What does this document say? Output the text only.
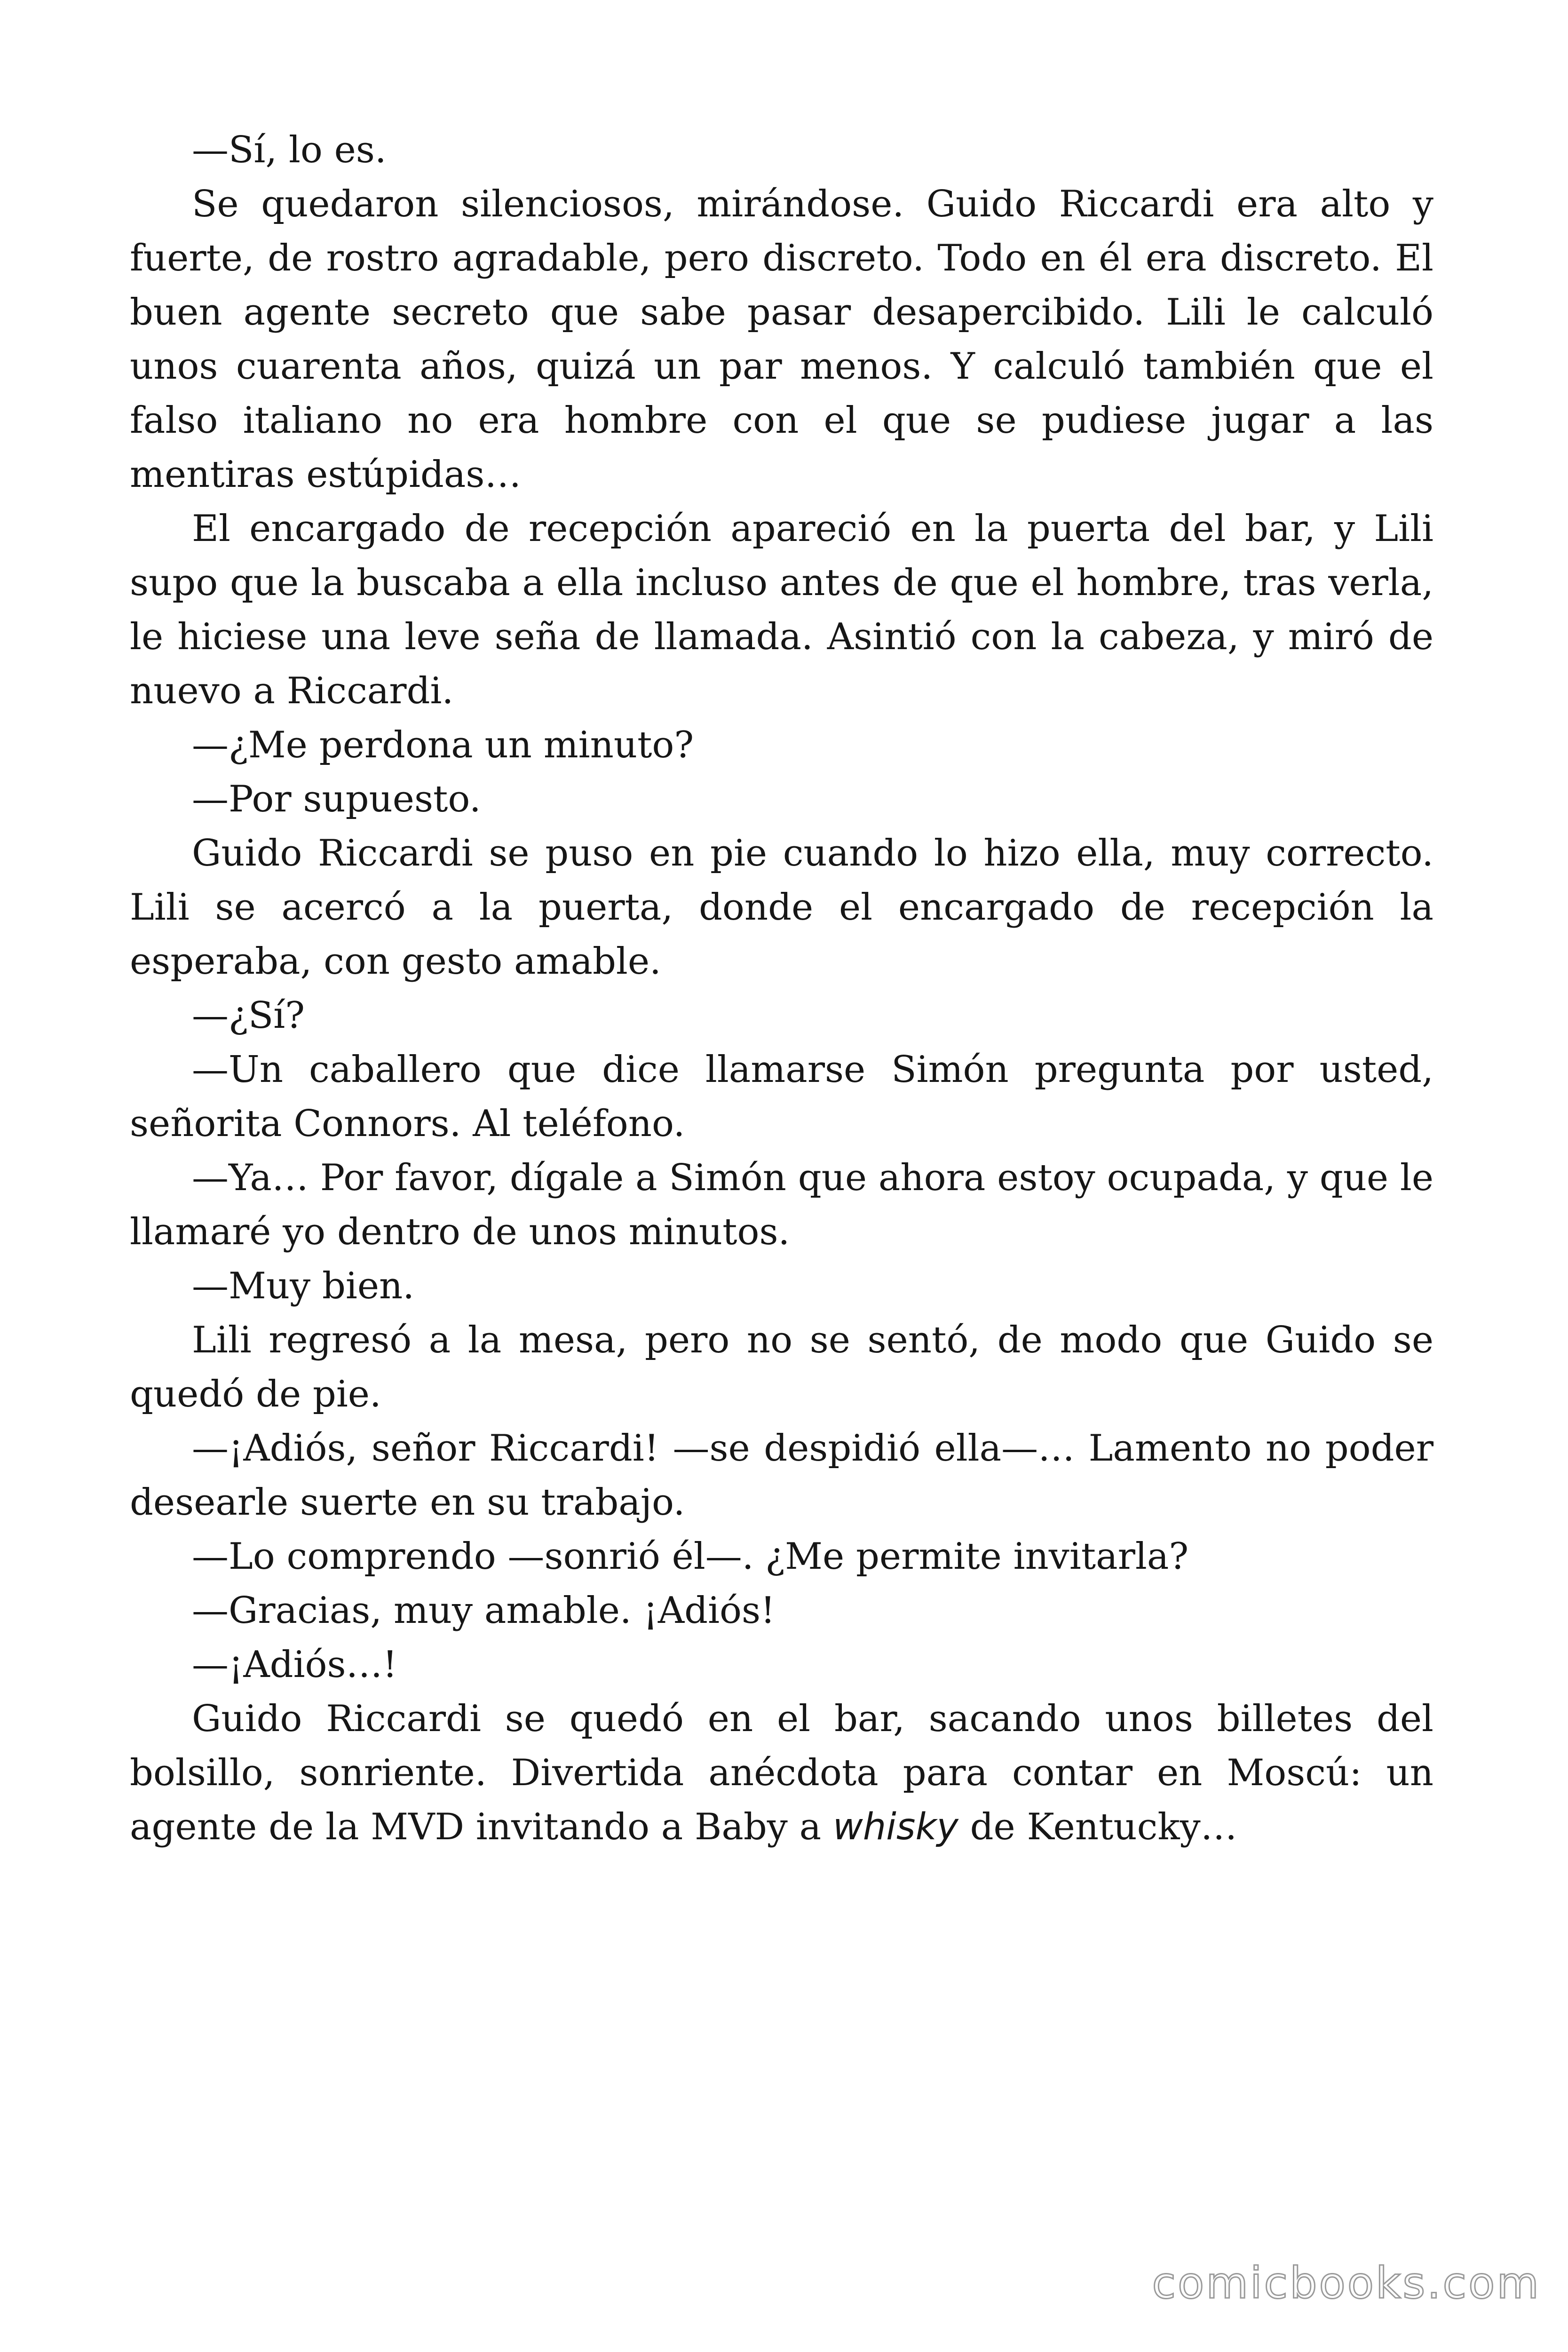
—Sí, lo es.

Se quedaron silenciosos, mirándose. Guido Riccardi era alto y fuerte, de rostro agradable, pero discreto. Todo en él era discreto. El buen agente secreto que sabe pasar desapercibido. Lili le calculó unos cuarenta años, quizá un par menos. Y calculó también que el falso italiano no era hombre con el que se pudiese jugar a las mentiras estúpidas…

El encargado de recepción apareció en la puerta del bar, y Lili supo que la buscaba a ella incluso antes de que el hombre, tras verla, le hiciese una leve seña de llamada. Asintió con la cabeza, y miró de nuevo a Riccardi.

—¿Me perdona un minuto?

—Por supuesto.

Guido Riccardi se puso en pie cuando lo hizo ella, muy correcto. Lili se acercó a la puerta, donde el encargado de recepción la esperaba, con gesto amable.

—¿Sí?

—Un caballero que dice llamarse Simón pregunta por usted, señorita Connors. Al teléfono.

—Ya… Por favor, dígale a Simón que ahora estoy ocupada, y que le llamaré yo dentro de unos minutos.

—Muy bien.

Lili regresó a la mesa, pero no se sentó, de modo que Guido se quedó de pie.

—¡Adiós, señor Riccardi! —se despidió ella—… Lamento no poder desearle suerte en su trabajo.

—Lo comprendo —sonrió él—. ¿Me permite invitarla?

—Gracias, muy amable. ¡Adiós!

—¡Adiós…!

Guido Riccardi se quedó en el bar, sacando unos billetes del bolsillo, sonriente. Divertida anécdota para contar en Moscú: un agente de la MVD invitando a Baby a whisky de Kentucky…

comicbooks.com
